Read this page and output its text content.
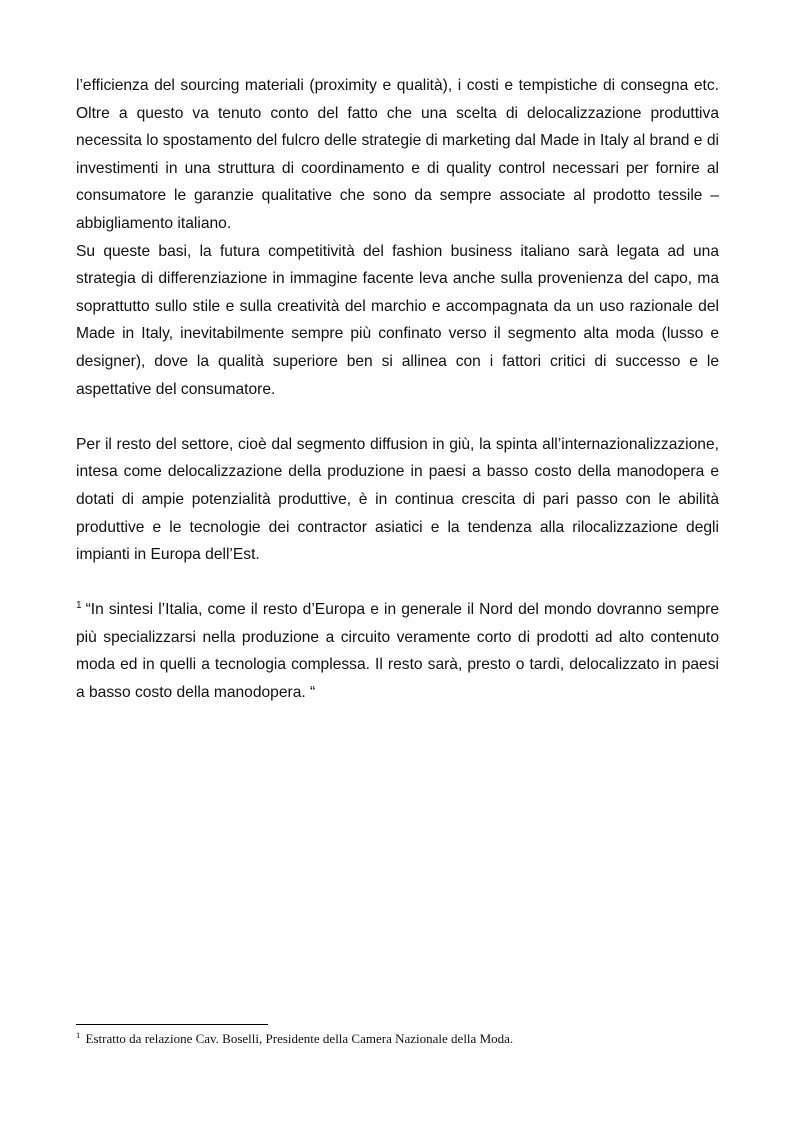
l’efficienza del sourcing materiali (proximity e qualità), i costi e tempistiche di consegna etc. Oltre a questo va tenuto conto del fatto che una scelta di delocalizzazione produttiva necessita lo spostamento del fulcro delle strategie di marketing dal Made in Italy al brand e di investimenti in una struttura di coordinamento e di quality control necessari per fornire al consumatore le garanzie qualitative che sono da sempre associate al prodotto tessile – abbigliamento italiano.

Su queste basi, la futura competitività del fashion business italiano sarà legata ad una strategia di differenziazione in immagine facente leva anche sulla provenienza del capo, ma soprattutto sullo stile e sulla creatività del marchio e accompagnata da un uso razionale del Made in Italy, inevitabilmente sempre più confinato verso il segmento alta moda (lusso e designer), dove la qualità superiore ben si allinea con i fattori critici di successo e le aspettative del consumatore.

Per il resto del settore, cioè dal segmento diffusion in giù, la spinta all’internazionalizzazione, intesa come delocalizzazione della produzione in paesi a basso costo della manodopera e dotati di ampie potenzialità produttive, è in continua crescita di pari passo con le abilità produttive e le tecnologie dei contractor asiatici e la tendenza alla rilocalizzazione degli impianti in Europa dell’Est.

$^1$ “In sintesi l’Italia, come il resto d’Europa e in generale il Nord del mondo dovranno sempre più specializzarsi nella produzione a circuito veramente corto di prodotti ad alto contenuto moda ed in quelli a tecnologia complessa. Il resto sarà, presto o tardi, delocalizzato in paesi a basso costo della manodopera. “

$^1$ Estratto da relazione Cav. Boselli, Presidente della Camera Nazionale della Moda.
